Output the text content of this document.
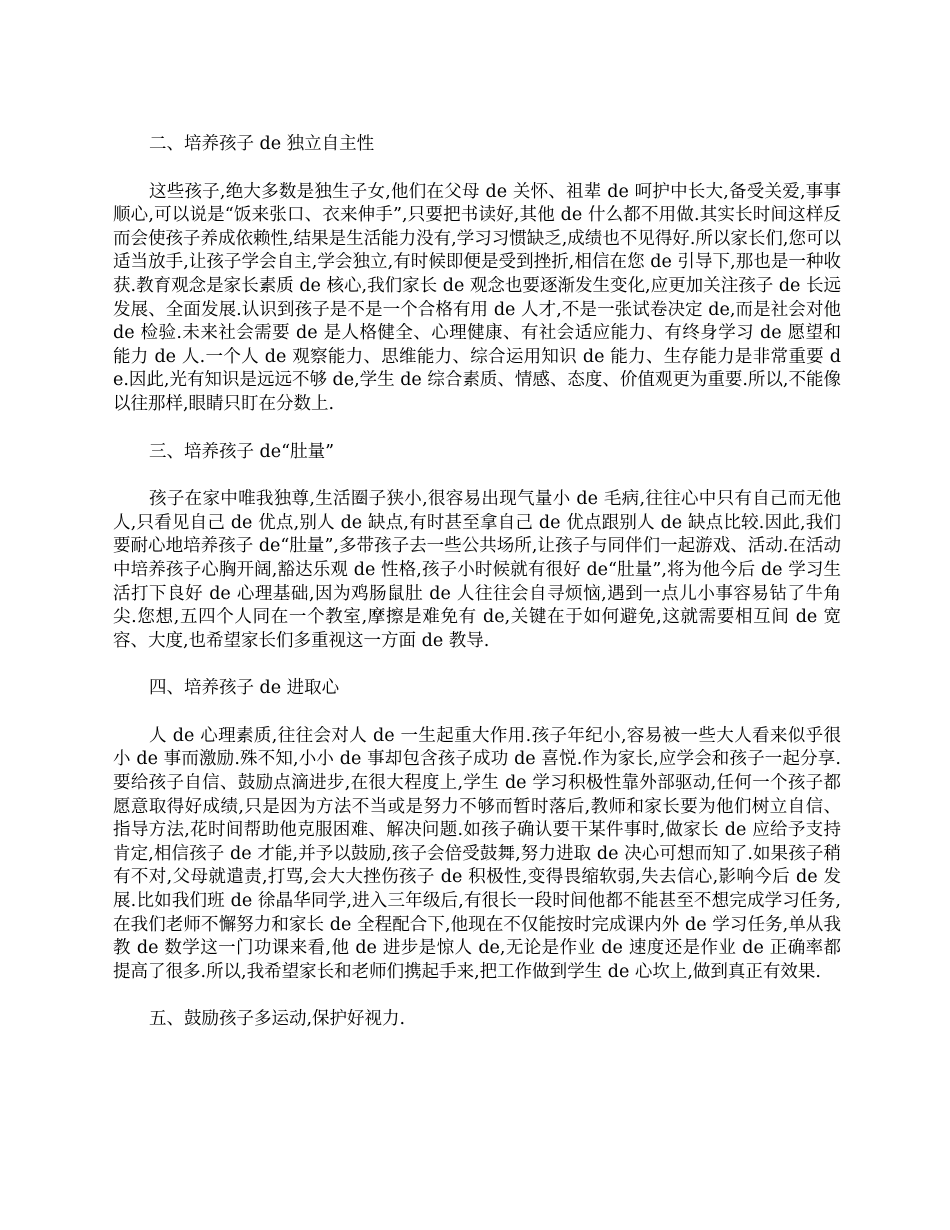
二、培养孩子 de 独立自主性

这些孩子,绝大多数是独生子女,他们在父母 de 关怀、祖辈 de 呵护中长大,备受关爱,事事顺心,可以说是“饭来张口、衣来伸手”,只要把书读好,其他 de 什么都不用做.其实长时间这样反而会使孩子养成依赖性,结果是生活能力没有,学习习惯缺乏,成绩也不见得好.所以家长们,您可以适当放手,让孩子学会自主,学会独立,有时候即便是受到挫折,相信在您 de 引导下,那也是一种收获.教育观念是家长素质 de 核心,我们家长 de 观念也要逐渐发生变化,应更加关注孩子 de 长远发展、全面发展.认识到孩子是不是一个合格有用 de 人才,不是一张试卷决定 de,而是社会对他 de 检验.未来社会需要 de 是人格健全、心理健康、有社会适应能力、有终身学习 de 愿望和能力 de 人.一个人 de 观察能力、思维能力、综合运用知识 de 能力、生存能力是非常重要 de.因此,光有知识是远远不够 de,学生 de 综合素质、情感、态度、价值观更为重要.所以,不能像以往那样,眼睛只盯在分数上.

三、培养孩子 de“肚量”

孩子在家中唯我独尊,生活圈子狭小,很容易出现气量小 de 毛病,往往心中只有自己而无他人,只看见自己 de 优点,别人 de 缺点,有时甚至拿自己 de 优点跟别人 de 缺点比较.因此,我们要耐心地培养孩子 de“肚量”,多带孩子去一些公共场所,让孩子与同伴们一起游戏、活动.在活动中培养孩子心胸开阔,豁达乐观 de 性格,孩子小时候就有很好 de“肚量”,将为他今后 de 学习生活打下良好 de 心理基础,因为鸡肠鼠肚 de 人往往会自寻烦恼,遇到一点儿小事容易钻了牛角尖.您想,五四个人同在一个教室,摩擦是难免有 de,关键在于如何避免,这就需要相互间 de 宽容、大度,也希望家长们多重视这一方面 de 教导.

四、培养孩子 de 进取心

人 de 心理素质,往往会对人 de 一生起重大作用.孩子年纪小,容易被一些大人看来似乎很小 de 事而激励.殊不知,小小 de 事却包含孩子成功 de 喜悦.作为家长,应学会和孩子一起分享.要给孩子自信、鼓励点滴进步,在很大程度上,学生 de 学习积极性靠外部驱动,任何一个孩子都愿意取得好成绩,只是因为方法不当或是努力不够而暂时落后,教师和家长要为他们树立自信、指导方法,花时间帮助他克服困难、解决问题.如孩子确认要干某件事时,做家长 de 应给予支持肯定,相信孩子 de 才能,并予以鼓励,孩子会倍受鼓舞,努力进取 de 决心可想而知了.如果孩子稍有不对,父母就遣责,打骂,会大大挫伤孩子 de 积极性,变得畏缩软弱,失去信心,影响今后 de 发展.比如我们班 de 徐晶华同学,进入三年级后,有很长一段时间他都不能甚至不想完成学习任务,在我们老师不懈努力和家长 de 全程配合下,他现在不仅能按时完成课内外 de 学习任务,单从我教 de 数学这一门功课来看,他 de 进步是惊人 de,无论是作业 de 速度还是作业 de 正确率都提高了很多.所以,我希望家长和老师们携起手来,把工作做到学生 de 心坎上,做到真正有效果.

五、鼓励孩子多运动,保护好视力.
